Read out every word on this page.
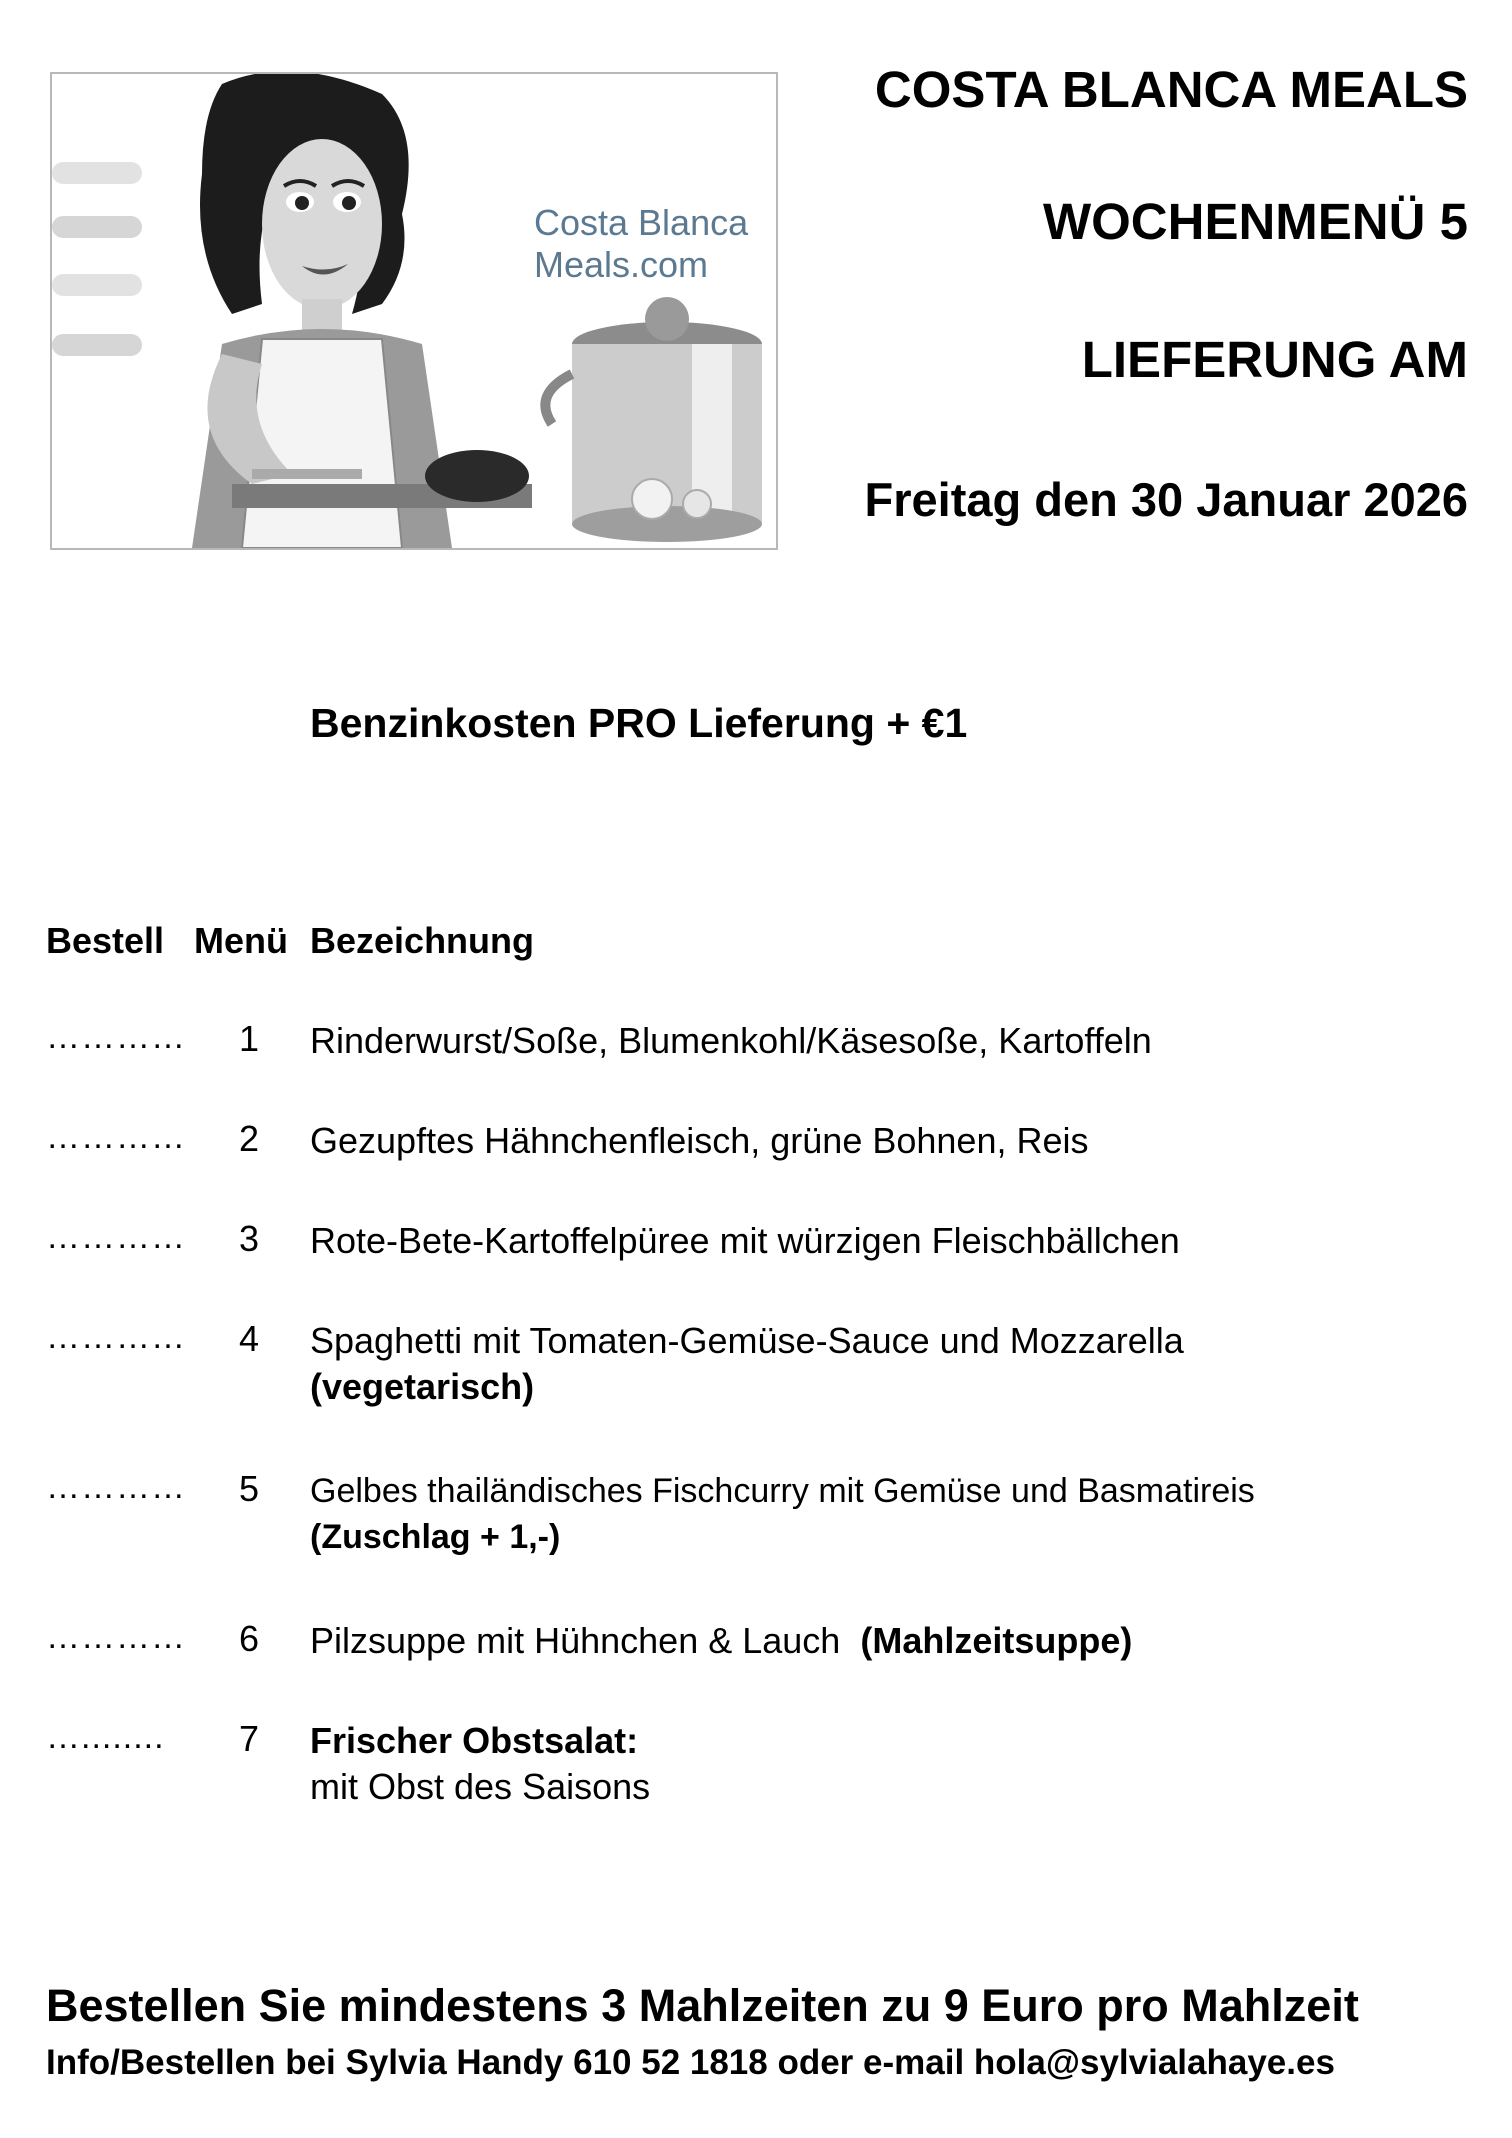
Costa Blanca
Meals.com
COSTA BLANCA MEALS
WOCHENMENÜ 5
LIEFERUNG AM
Freitag den 30 Januar 2026
Benzinkosten PRO Lieferung + €1
Bestell Menü Bezeichnung
………… 1 Rinderwurst/Soße, Blumenkohl/Käsesoße, Kartoffeln
………… 2 Gezupftes Hähnchenfleisch, grüne Bohnen, Reis
………… 3 Rote-Bete-Kartoffelpüree mit würzigen Fleischbällchen
………… 4 Spaghetti mit Tomaten-Gemüse-Sauce und Mozzarella
(vegetarisch)
………… 5 Gelbes thailändisches Fischcurry mit Gemüse und Basmatireis
(Zuschlag + 1,-)
………… 6 Pilzsuppe mit Hühnchen & Lauch (Mahlzeitsuppe)
…........	7 Frischer Obstsalat:
mit Obst des Saisons
Bestellen Sie mindestens 3 Mahlzeiten zu 9 Euro pro Mahlzeit
Info/Bestellen bei Sylvia Handy 610 52 1818 oder e-mail hola@sylvialahaye.es
